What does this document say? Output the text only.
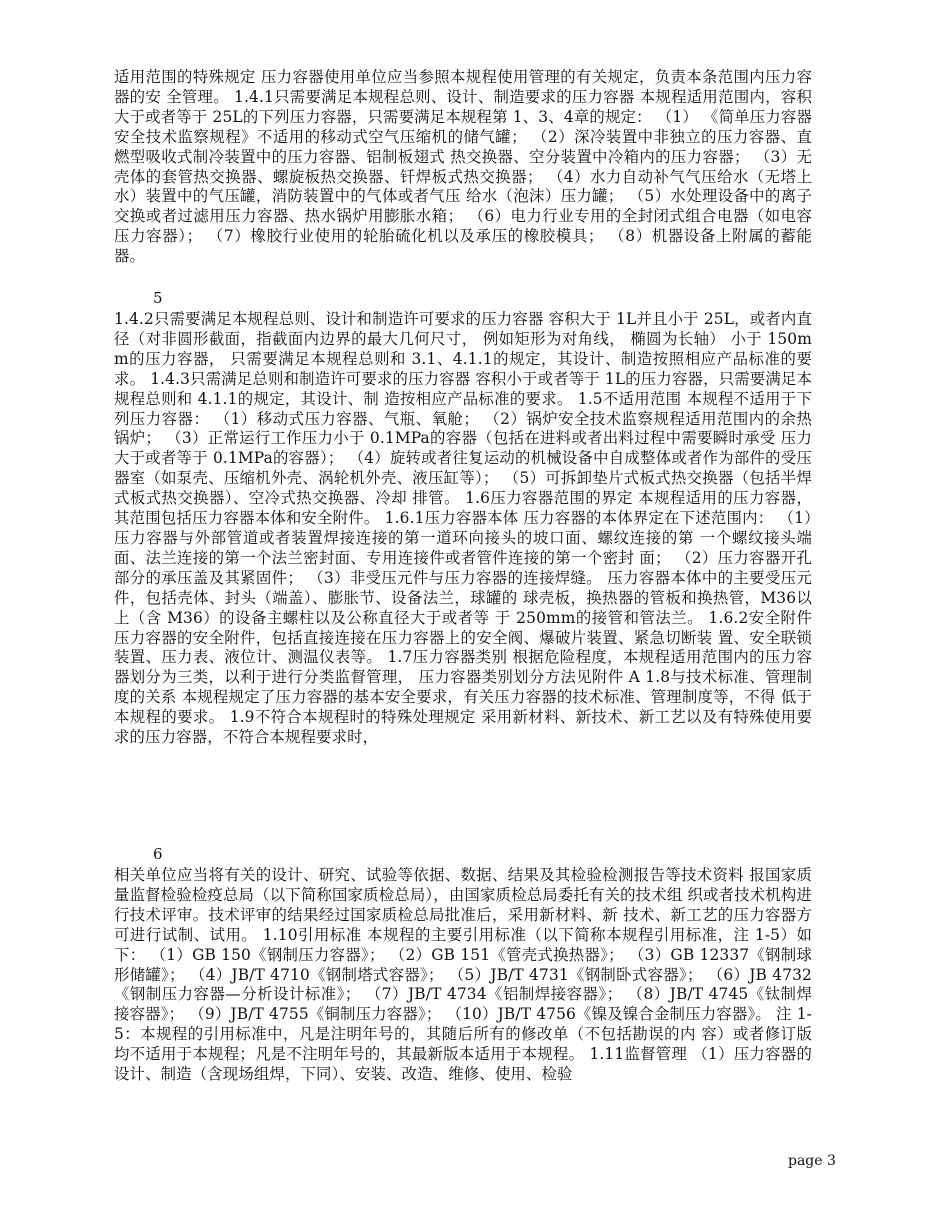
适用范围的特殊规定 压力容器使用单位应当参照本规程使用管理的有关规定，负责本条范围内压力容器的安 全管理。 1.4.1只需要满足本规程总则、设计、制造要求的压力容器 本规程适用范围内，容积大于或者等于 25L的下列压力容器，只需要满足本规程第 1、3、4章的规定： （1） 《简单压力容器安全技术监察规程》不适用的移动式空气压缩机的储气罐； （2）深冷装置中非独立的压力容器、直燃型吸收式制冷装置中的压力容器、铝制板翅式 热交换器、空分装置中冷箱内的压力容器； （3）无壳体的套管热交换器、螺旋板热交换器、钎焊板式热交换器； （4）水力自动补气气压给水（无塔上水）装置中的气压罐，消防装置中的气体或者气压 给水（泡沫）压力罐； （5）水处理设备中的离子交换或者过滤用压力容器、热水锅炉用膨胀水箱； （6）电力行业专用的全封闭式组合电器（如电容压力容器）； （7）橡胶行业使用的轮胎硫化机以及承压的橡胶模具； （8）机器设备上附属的蓄能器。
5
1.4.2只需要满足本规程总则、设计和制造许可要求的压力容器 容积大于 1L并且小于 25L，或者内直径（对非圆形截面，指截面内边界的最大几何尺寸， 例如矩形为对角线， 椭圆为长轴） 小于 150mm的压力容器， 只需要满足本规程总则和 3.1、4.1.1的规定，其设计、制造按照相应产品标准的要求。 1.4.3只需满足总则和制造许可要求的压力容器 容积小于或者等于 1L的压力容器，只需要满足本规程总则和 4.1.1的规定，其设计、制 造按相应产品标准的要求。 1.5不适用范围 本规程不适用于下列压力容器： （1）移动式压力容器、气瓶、氧舱； （2）锅炉安全技术监察规程适用范围内的余热锅炉； （3）正常运行工作压力小于 0.1MPa的容器（包括在进料或者出料过程中需要瞬时承受 压力大于或者等于 0.1MPa的容器）； （4）旋转或者往复运动的机械设备中自成整体或者作为部件的受压器室（如泵壳、压缩机外壳、涡轮机外壳、液压缸等）； （5）可拆卸垫片式板式热交换器（包括半焊式板式热交换器）、空冷式热交换器、冷却 排管。 1.6压力容器范围的界定 本规程适用的压力容器，其范围包括压力容器本体和安全附件。 1.6.1压力容器本体 压力容器的本体界定在下述范围内： （1）压力容器与外部管道或者装置焊接连接的第一道环向接头的坡口面、螺纹连接的第 一个螺纹接头端面、法兰连接的第一个法兰密封面、专用连接件或者管件连接的第一个密封 面； （2）压力容器开孔部分的承压盖及其紧固件； （3）非受压元件与压力容器的连接焊缝。 压力容器本体中的主要受压元件，包括壳体、封头（端盖）、膨胀节、设备法兰，球罐的 球壳板，换热器的管板和换热管，M36以上（含 M36）的设备主螺柱以及公称直径大于或者等 于 250mm的接管和管法兰。 1.6.2安全附件 压力容器的安全附件，包括直接连接在压力容器上的安全阀、爆破片装置、紧急切断装 置、安全联锁装置、压力表、液位计、测温仪表等。 1.7压力容器类别 根据危险程度，本规程适用范围内的压力容器划分为三类，以利于进行分类监督管理， 压力容器类别划分方法见附件 A 1.8与技术标准、管理制度的关系 本规程规定了压力容器的基本安全要求，有关压力容器的技术标准、管理制度等，不得 低于本规程的要求。 1.9不符合本规程时的特殊处理规定 采用新材料、新技术、新工艺以及有特殊使用要求的压力容器，不符合本规程要求时，
6
相关单位应当将有关的设计、研究、试验等依据、数据、结果及其检验检测报告等技术资料 报国家质量监督检验检疫总局（以下简称国家质检总局），由国家质检总局委托有关的技术组 织或者技术机构进行技术评审。技术评审的结果经过国家质检总局批准后，采用新材料、新 技术、新工艺的压力容器方可进行试制、试用。 1.10引用标准 本规程的主要引用标准（以下简称本规程引用标准，注 1-5）如下： （1）GB 150《钢制压力容器》； （2）GB 151《管壳式换热器》； （3）GB 12337《钢制球形储罐》； （4）JB/T 4710《钢制塔式容器》； （5）JB/T 4731《钢制卧式容器》； （6）JB 4732《钢制压力容器—分析设计标准》； （7）JB/T 4734《铝制焊接容器》； （8）JB/T 4745《钛制焊接容器》； （9）JB/T 4755《铜制压力容器》； （10）JB/T 4756《镍及镍合金制压力容器》。 注 1-5：本规程的引用标准中，凡是注明年号的，其随后所有的修改单（不包括勘误的内 容）或者修订版均不适用于本规程；凡是不注明年号的，其最新版本适用于本规程。 1.11监督管理 （1）压力容器的设计、制造（含现场组焊，下同）、安装、改造、维修、使用、检验
page 3
